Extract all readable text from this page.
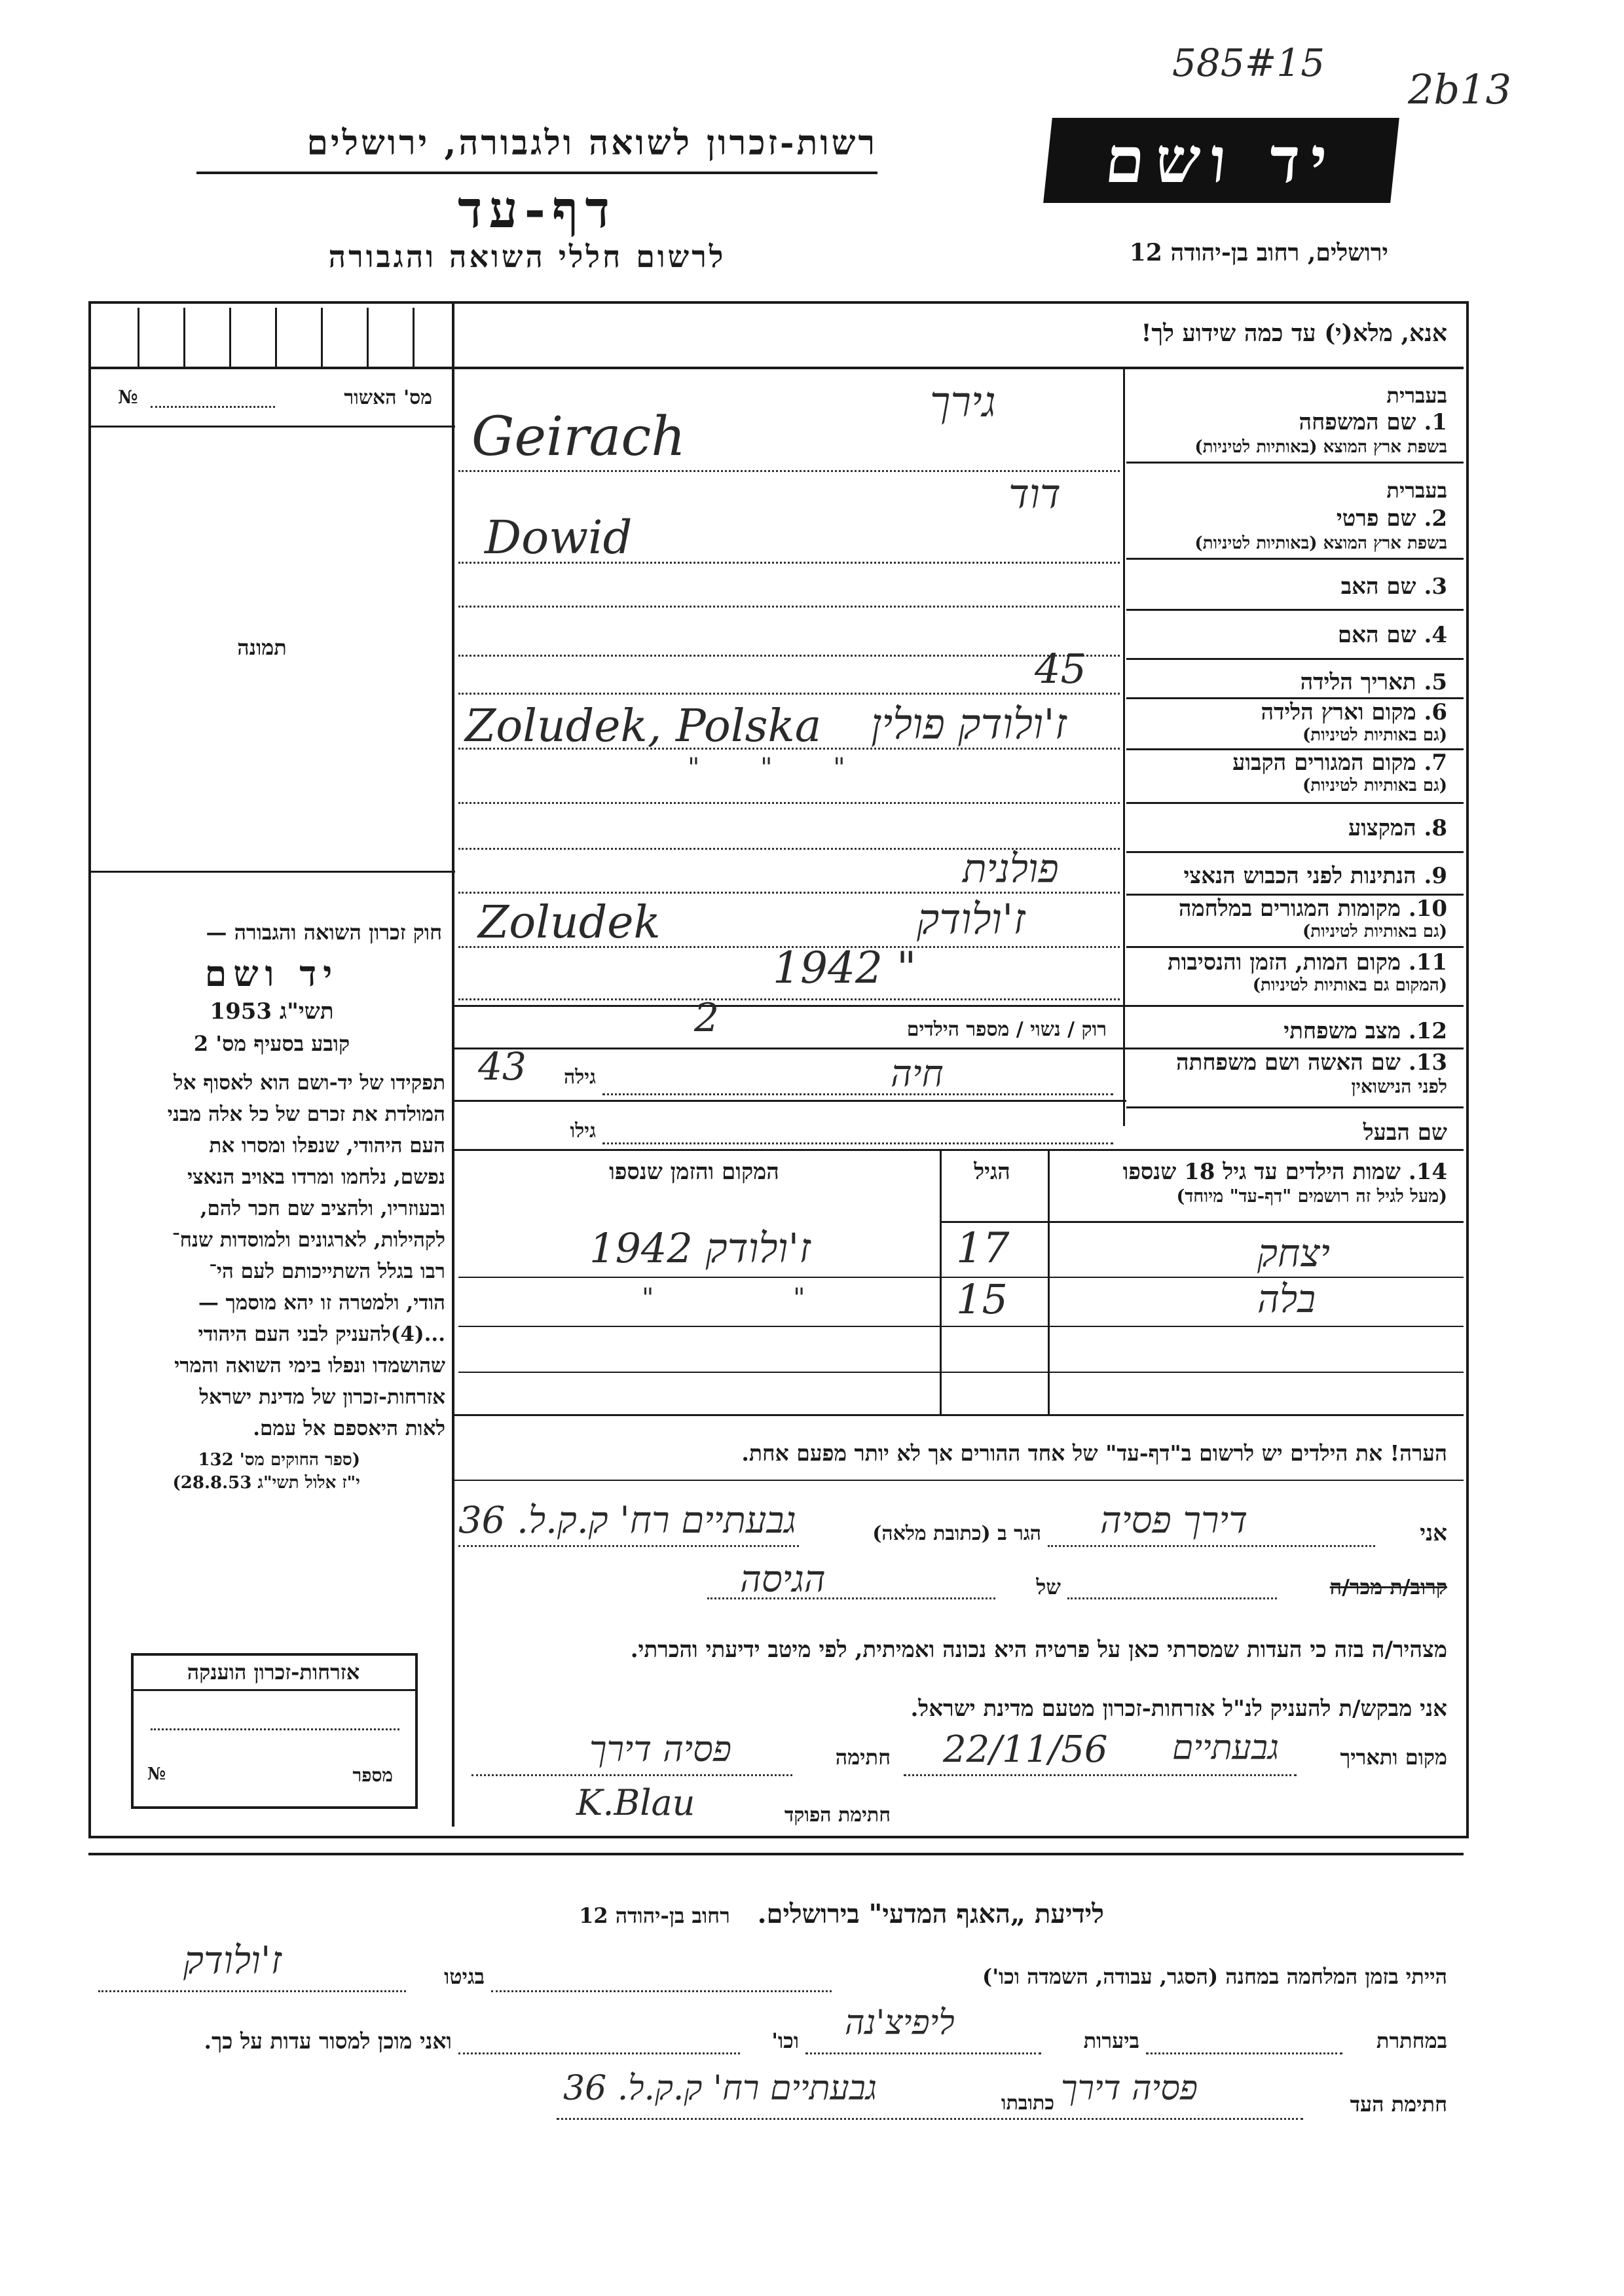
585#15
2b13
רשות-זכרון לשואה ולגבורה, ירושלים
דף-עד
לרשום חללי השואה והגבורה
יד ושם
ירושלים, רחוב בן-יהודה 12
אנא, מלא(י) עד כמה שידוע לך!
מס' האשור
№
תמונה
בעברית
1. שם המשפחה
בשפת ארץ המוצא (באותיות לטיניות)
גירך
Geirach
בעברית
2. שם פרטי
בשפת ארץ המוצא (באותיות לטיניות)
דוד
Dowid
3. שם האב
4. שם האם
5. תאריך הלידה
45
6. מקום וארץ הלידה
(גם באותיות לטיניות)
ז'ולודק פולין
Zoludek, Polska
7. מקום המגורים הקבוע
(גם באותיות לטיניות)
" " "
8. המקצוע
9. הנתינות לפני הכבוש הנאצי
פולנית
10. מקומות המגורים במלחמה
(גם באותיות לטיניות)
ז'ולודק
Zoludek
11. מקום המות, הזמן והנסיבות
(המקום גם באותיות לטיניות)
1942 "
12. מצב משפחתי
רוק / נשוי / מספר הילדים
2
13. שם האשה ושם משפחתה
לפני הנישואין
גילה
43	חיה
שם הבעל
גילו
14. שמות הילדים עד גיל 18 שנספו
(מעל לגיל זה רושמים "דף-עד" מיוחד)
הגיל
המקום והזמן שנספו
יצחק
17
ז'ולודק 1942
בלה
15
" "
חוק זכרון השואה והגבורה —
יד ושם
תשי"ג 1953
קובע בסעיף מס' 2
תפקידו של יד-ושם הוא לאסוף אל
המולדת את זכרם של כל אלה מבני
העם היהודי, שנפלו ומסרו את
נפשם, נלחמו ומרדו באויב הנאצי
ובעוזריו, ולהציב שם חכר להם,
לקהילות, לארגונים ולמוסדות שנח־
רבו בגלל השתייכותם לעם הי־
הודי, ולמטרה זו יהא מוסמך —
...(4)להעניק לבני העם היהודי
שהושמדו ונפלו בימי השואה והמרי
אזרחות-זכרון של מדינת ישראל
לאות היאספם אל עמם.
(ספר החוקים מס' 132
י"ז אלול תשי"ג 28.8.53)
הערה! את הילדים יש לרשום ב"דף-עד" של אחד ההורים אך לא יותר מפעם אחת.
אני
דירך פסיה
הגר ב (כתובת מלאה)
גבעתיים רח' ק.ק.ל. 36
קרוב/ת מכר/ה
של
הגיסה
מצהיר/ה בזה כי העדות שמסרתי כאן על פרטיה היא נכונה ואמיתית, לפי מיטב ידיעתי והכרתי.
אני מבקש/ת להעניק לנ"ל אזרחות-זכרון מטעם מדינת ישראל.
מקום ותאריך
22/11/56 גבעתיים
חתימה
פסיה דירך
חתימת הפוקד
K.Blau
אזרחות-זכרון הוענקה
מספר
№
לידיעת „האגף המדעי" בירושלים.   רחוב בן-יהודה 12
הייתי בזמן המלחמה במחנה (הסגר, עבודה, השמדה וכו')
בגיטו
ז'ולודק
במחתרת
ביערות
ליפיצ'נה
וכו'
ואני מוכן למסור עדות על כך.
חתימת העד
פסיה דירך
כתובתו
גבעתיים רח' ק.ק.ל. 36
